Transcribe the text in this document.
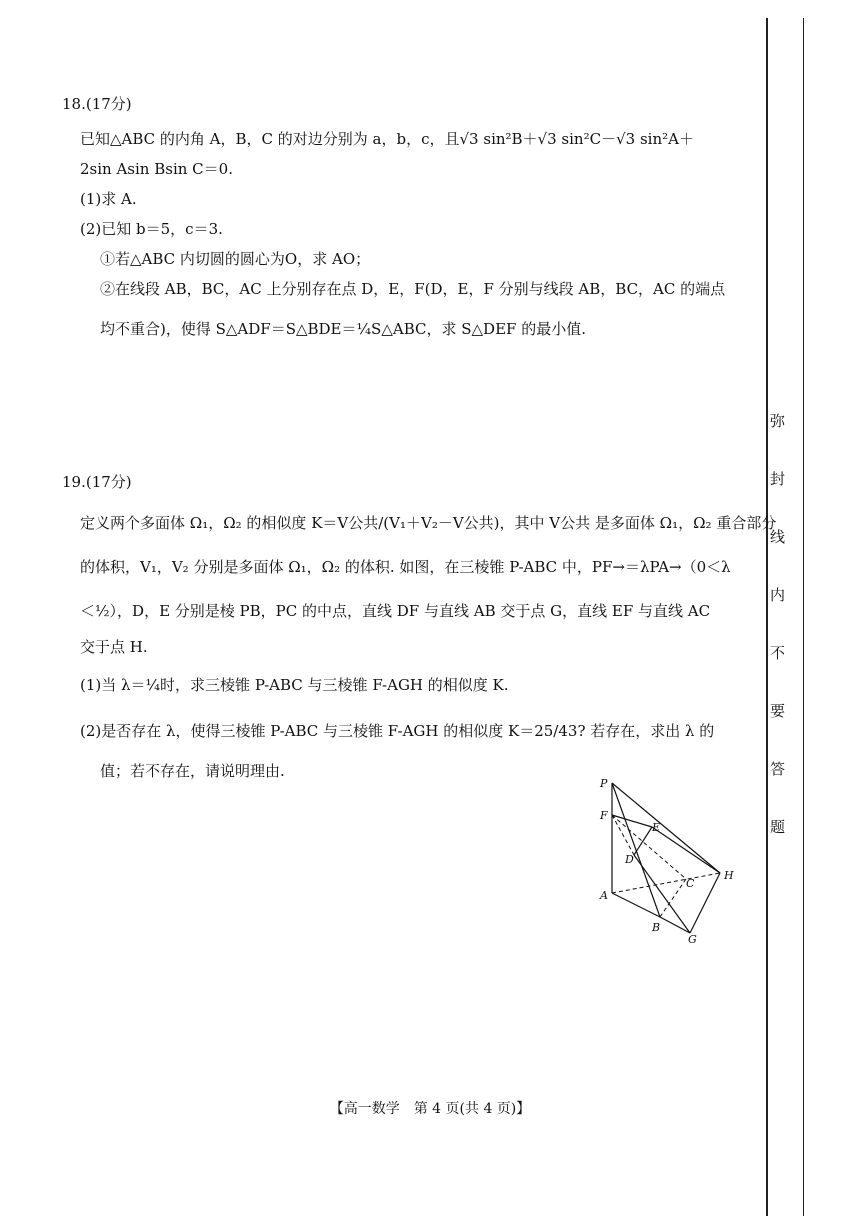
18.(17分)
已知△ABC 的内角 A，B，C 的对边分别为 a，b，c，且√3 sin²B＋√3 sin²C－√3 sin²A＋
2sin Asin Bsin C＝0.
(1)求 A.
(2)已知 b＝5，c＝3.
①若△ABC 内切圆的圆心为O，求 AO；
②在线段 AB，BC，AC 上分别存在点 D，E，F(D，E，F 分别与线段 AB，BC，AC 的端点
均不重合)，使得 S△ADF＝S△BDE＝¼S△ABC，求 S△DEF 的最小值.
19.(17分)
定义两个多面体 Ω₁，Ω₂ 的相似度 K＝V公共/(V₁＋V₂－V公共)，其中 V公共 是多面体 Ω₁，Ω₂ 重合部分
的体积，V₁，V₂ 分别是多面体 Ω₁，Ω₂ 的体积. 如图，在三棱锥 P-ABC 中，PF→＝λPA→（0＜λ
＜½），D，E 分别是棱 PB，PC 的中点，直线 DF 与直线 AB 交于点 G，直线 EF 与直线 AC
交于点 H.
(1)当 λ＝¼时，求三棱锥 P-ABC 与三棱锥 F-AGH 的相似度 K.
(2)是否存在 λ，使得三棱锥 P-ABC 与三棱锥 F-AGH 的相似度 K＝25/43? 若存在，求出 λ 的
值；若不存在，请说明理由.
P
F
E
D
C
H
A
B
G
弥
封
线
内
不
要
答
题
【高一数学　第 4 页(共 4 页)】
